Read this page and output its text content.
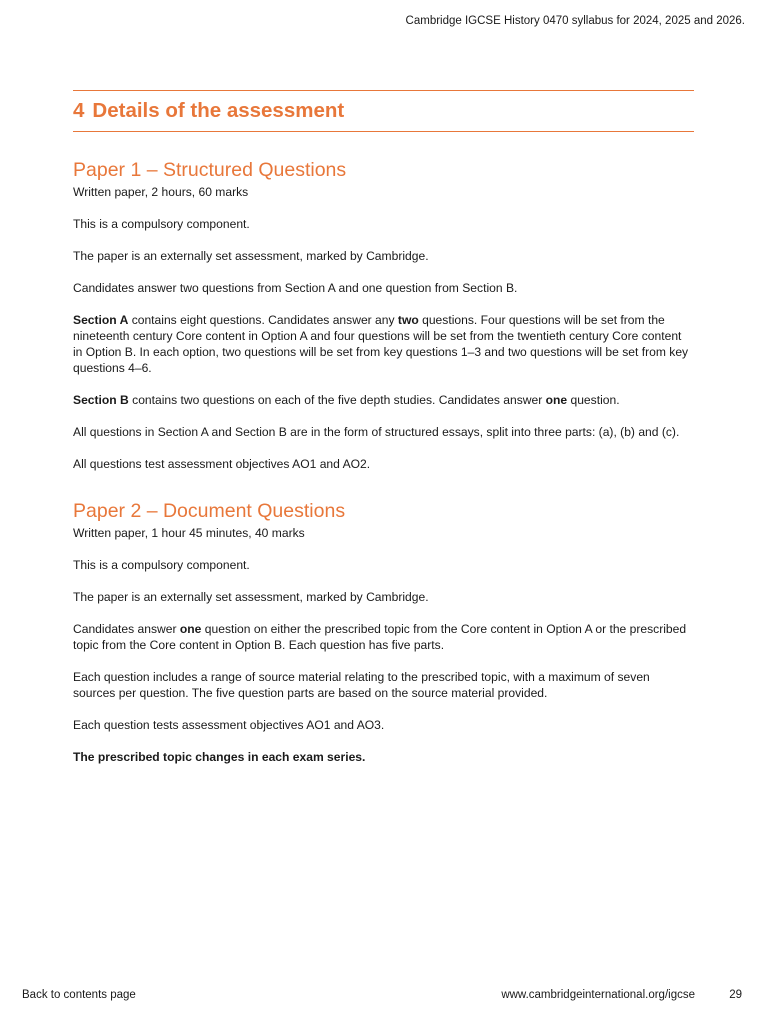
Cambridge IGCSE History 0470 syllabus for 2024, 2025 and 2026.
4 Details of the assessment
Paper 1 – Structured Questions

Written paper, 2 hours, 60 marks

This is a compulsory component.

The paper is an externally set assessment, marked by Cambridge.

Candidates answer two questions from Section A and one question from Section B.

Section A contains eight questions. Candidates answer any two questions. Four questions will be set from the nineteenth century Core content in Option A and four questions will be set from the twentieth century Core content in Option B. In each option, two questions will be set from key questions 1–3 and two questions will be set from key questions 4–6.

Section B contains two questions on each of the five depth studies. Candidates answer one question.

All questions in Section A and Section B are in the form of structured essays, split into three parts: (a), (b) and (c).

All questions test assessment objectives AO1 and AO2.

Paper 2 – Document Questions

Written paper, 1 hour 45 minutes, 40 marks

This is a compulsory component.

The paper is an externally set assessment, marked by Cambridge.

Candidates answer one question on either the prescribed topic from the Core content in Option A or the prescribed topic from the Core content in Option B. Each question has five parts.

Each question includes a range of source material relating to the prescribed topic, with a maximum of seven sources per question. The five question parts are based on the source material provided.

Each question tests assessment objectives AO1 and AO3.

The prescribed topic changes in each exam series.

Back to contents page	www.cambridgeinternational.org/igcse	29
